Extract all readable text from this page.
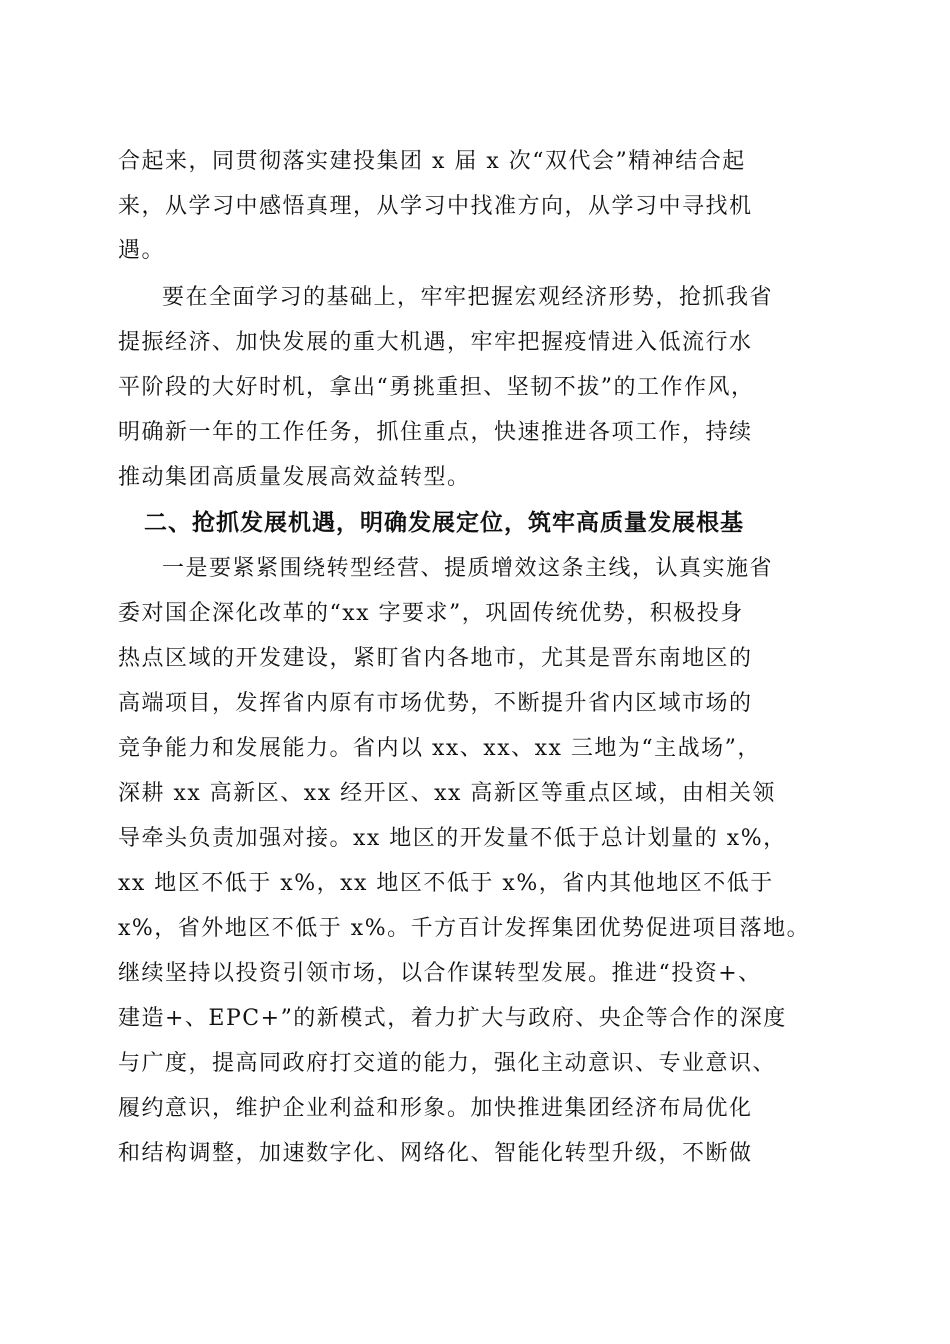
合起来，同贯彻落实建投集团 x 届 x 次“双代会”精神结合起
来，从学习中感悟真理，从学习中找准方向，从学习中寻找机
遇。
要在全面学习的基础上，牢牢把握宏观经济形势，抢抓我省
提振经济、加快发展的重大机遇，牢牢把握疫情进入低流行水
平阶段的大好时机，拿出“勇挑重担、坚韧不拔”的工作作风，
明确新一年的工作任务，抓住重点，快速推进各项工作，持续
推动集团高质量发展高效益转型。
二、抢抓发展机遇，明确发展定位，筑牢高质量发展根基
一是要紧紧围绕转型经营、提质增效这条主线，认真实施省
委对国企深化改革的“xx 字要求”，巩固传统优势，积极投身
热点区域的开发建设，紧盯省内各地市，尤其是晋东南地区的
高端项目，发挥省内原有市场优势，不断提升省内区域市场的
竞争能力和发展能力。省内以 xx、xx、xx 三地为“主战场”，
深耕 xx 高新区、xx 经开区、xx 高新区等重点区域，由相关领
导牵头负责加强对接。xx 地区的开发量不低于总计划量的 x%，
xx 地区不低于 x%，xx 地区不低于 x%，省内其他地区不低于
x%，省外地区不低于 x%。千方百计发挥集团优势促进项目落地。
继续坚持以投资引领市场，以合作谋转型发展。推进“投资+、
建造+、EPC+”的新模式，着力扩大与政府、央企等合作的深度
与广度，提高同政府打交道的能力，强化主动意识、专业意识、
履约意识，维护企业利益和形象。加快推进集团经济布局优化
和结构调整，加速数字化、网络化、智能化转型升级，不断做
